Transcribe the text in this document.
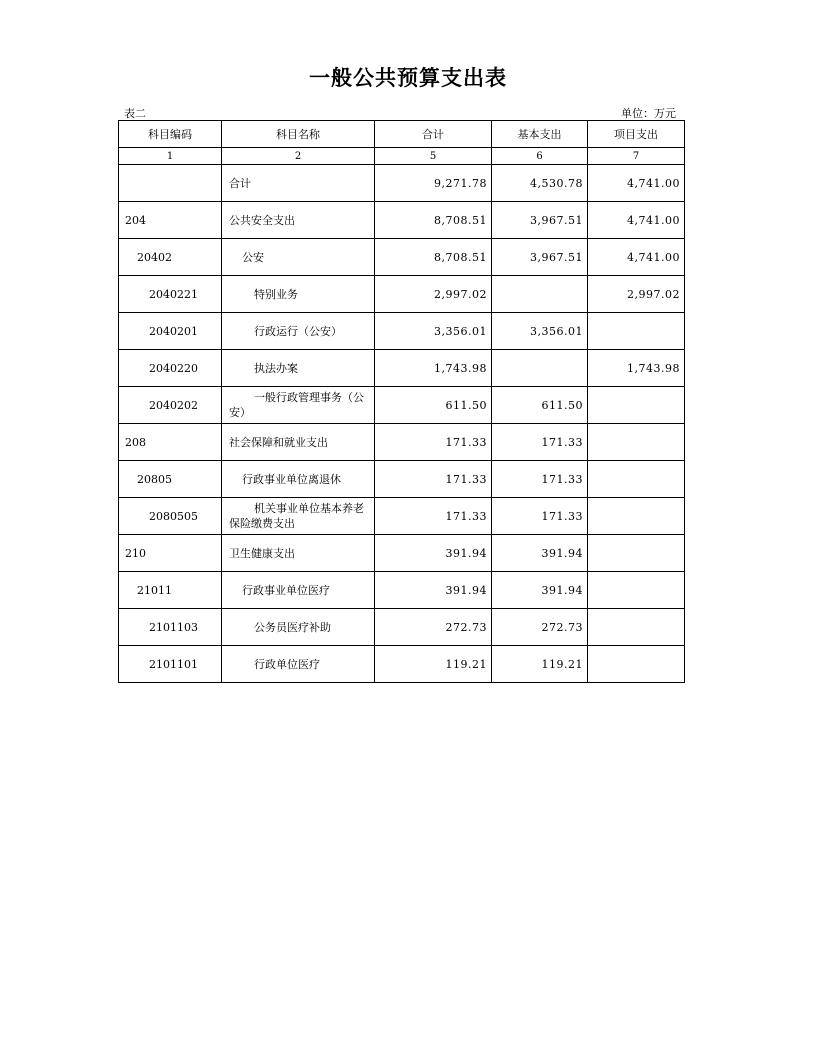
一般公共预算支出表
表二	单位：万元
科目编码	科目名称	合计	基本支出	项目支出
1	2	5	6	7
	合计	9,271.78	4,530.78	4,741.00
204	公共安全支出	8,708.51	3,967.51	4,741.00
20402	公安	8,708.51	3,967.51	4,741.00
2040221	特别业务	2,997.02		2,997.02
2040201	行政运行（公安）	3,356.01	3,356.01	
2040220	执法办案	1,743.98		1,743.98
2040202	一般行政管理事务（公安）	611.50	611.50	
208	社会保障和就业支出	171.33	171.33	
20805	行政事业单位离退休	171.33	171.33	
2080505	机关事业单位基本养老保险缴费支出	171.33	171.33	
210	卫生健康支出	391.94	391.94	
21011	行政事业单位医疗	391.94	391.94	
2101103	公务员医疗补助	272.73	272.73	
2101101	行政单位医疗	119.21	119.21	
